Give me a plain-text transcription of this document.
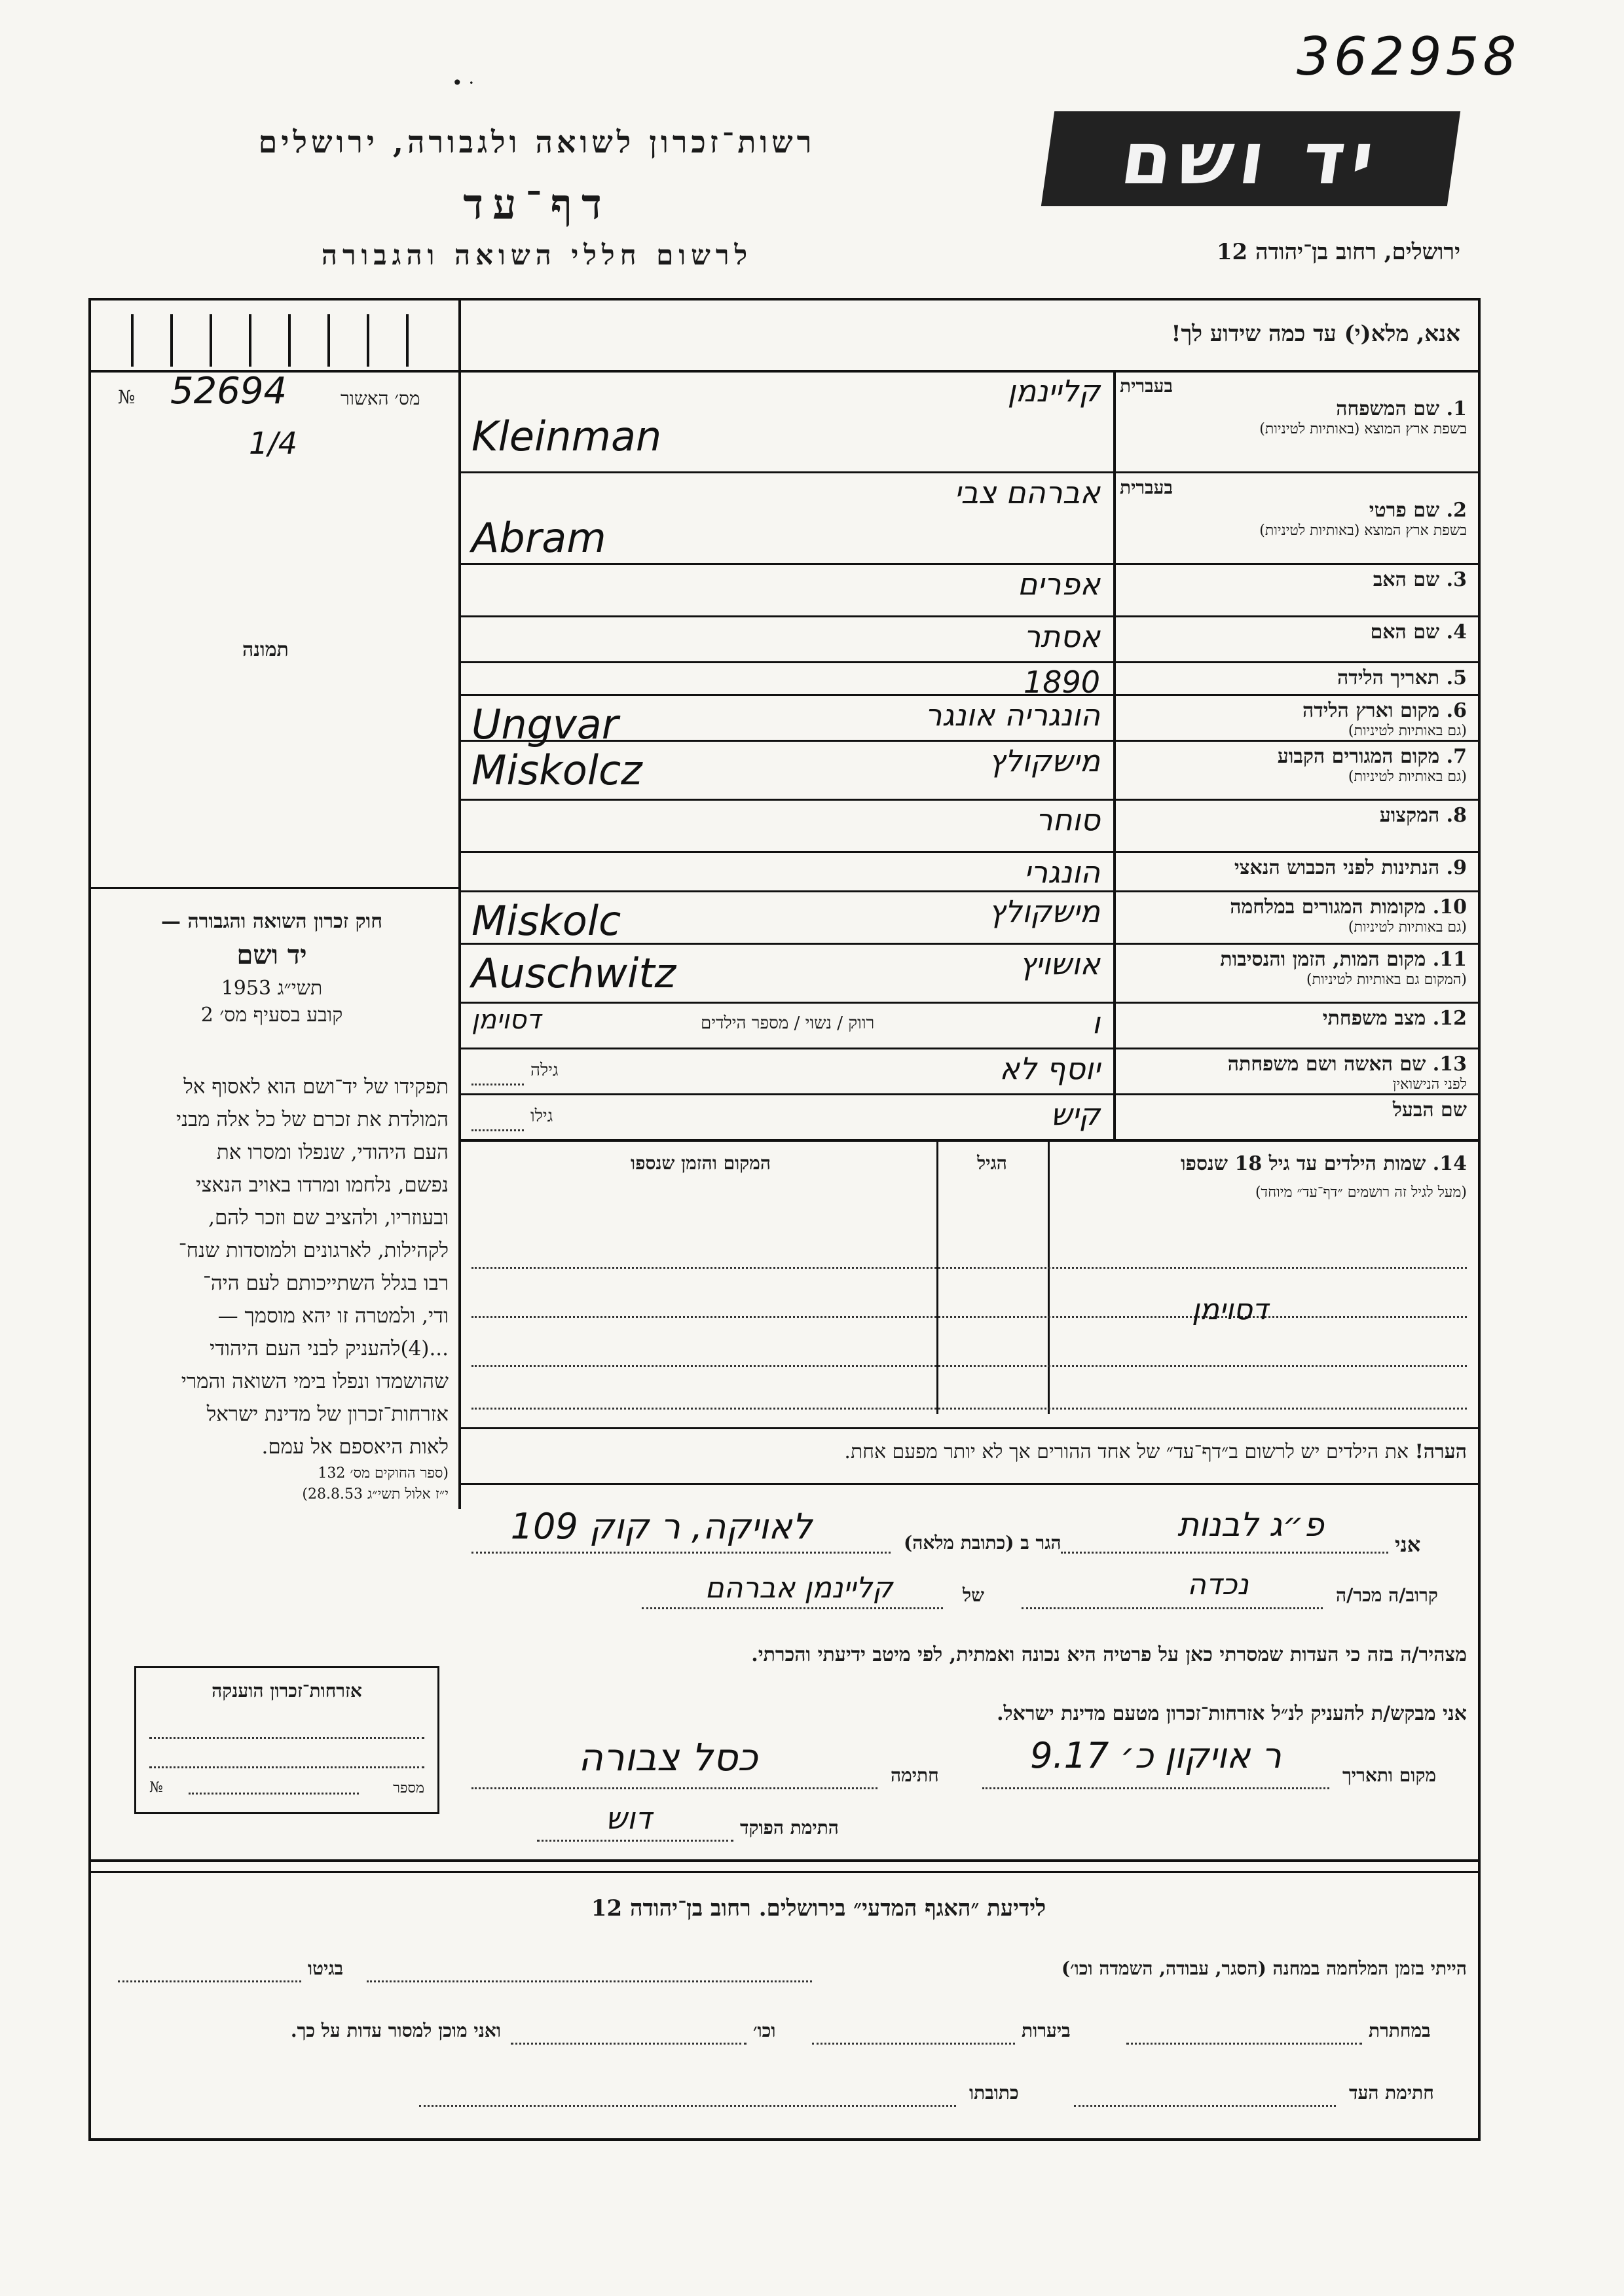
362958
• ·
רשות־זכרון לשואה ולגבורה, ירושלים
דף־עד
לרשום חללי השואה והגבורה
יד ושם
ירושלים, רחוב בן־יהודה 12
אנא, מלא(י) עד כמה שידוע לך!
№ 52694	מס׳ האשור
1/4
תמונה
חוק זכרון השואה והגבורה —
יד ושם
תשי״ג 1953
קובע בסעיף מס׳ 2
תפקידו של יד־ושם הוא לאסוף אל
המולדת את זכרם של כל אלה מבני
העם היהודי, שנפלו ומסרו את
נפשם, נלחמו ומרדו באויב הנאצי
ובעוזריו, ולהציב שם וזכר להם,
לקהילות, לארגונים ולמוסדות שנח־
רבו בגלל השתייכותם לעם היה־
ודי, ולמטרה זו יהא מוסמך —
...(4)להעניק לבני העם היהודי
שהושמדו ונפלו בימי השואה והמרי
אזרחות־זכרון של מדינת ישראל
לאות היאספם אל עמם.
(ספר החוקים מס׳ 132
י״ז אלול תשי״ג 28.8.53)
בעברית
1. שם המשפחה
בשפת ארץ המוצא (באותיות לטיניות)
קליינמן
Kleinman
בעברית
2. שם פרטי
בשפת ארץ המוצא (באותיות לטיניות)
אברהם צבי
Abram
3. שם האב
אפרים
4. שם האם
אסתר
5. תאריך הלידה
1890
6. מקום וארץ הלידה
(גם באותיות לטיניות)
הונגריה אונגר
Ungvar
7. מקום המגורים הקבוע
(גם באותיות לטיניות)
מישקולץ
Miskolcz
8. המקצוע
סוחר
9. הנתינות לפני הכבוש הנאצי
הונגרי
10. מקומות המגורים במלחמה
(גם באותיות לטיניות)
מישקולץ
Miskolc
11. מקום המות, הזמן והנסיבות
(המקום גם באותיות לטיניות)
אושויץ
Auschwitz
12. מצב משפחתי
ו
רווק / נשוי / מספר הילדים
דסוימן
13. שם האשה ושם משפחתה
לפני הנישואין
יוסף לא
גילה
שם הבעל
קיש
גילו
14. שמות הילדים עד גיל 18 שנספו
(מעל לגיל זה רושמים ״דף־עד״ מיוחד)
הגיל
המקום והזמן שנספו
דסוימן
הערה! את הילדים יש לרשום ב״דף־עד״ של אחד ההורים אך לא יותר מפעם אחת.
אני
פ״ג לבנות
הגר ב (כתובת מלאה)
לאויקה, ר קוק 109
קרוב/ה מכר/ה
נכדה
של
קליינמן אברהם
מצהיר/ה בזה כי העדות שמסרתי כאן על פרטיה היא נכונה ואמתית, לפי מיטב ידיעתי והכרתי.
אני מבקש/ת להעניק לנ״ל אזרחות־זכרון מטעם מדינת ישראל.
מקום ותאריך
ר אויקון כ׳ 9.17
חתימה
כסל צבורה
התימת הפוקד
דוש
אזרחות־זכרון הוענקה
№	מספר
לידיעת ״האגף המדעי״ בירושלים. רחוב בן־יהודה 12
הייתי בזמן המלחמה במחנה (הסגר, עבודה, השמדה וכו׳)
בגיטו
במחתרת
ביערות
וכו׳
ואני מוכן למסור עדות על כך.
חתימת העד
כתובתו
